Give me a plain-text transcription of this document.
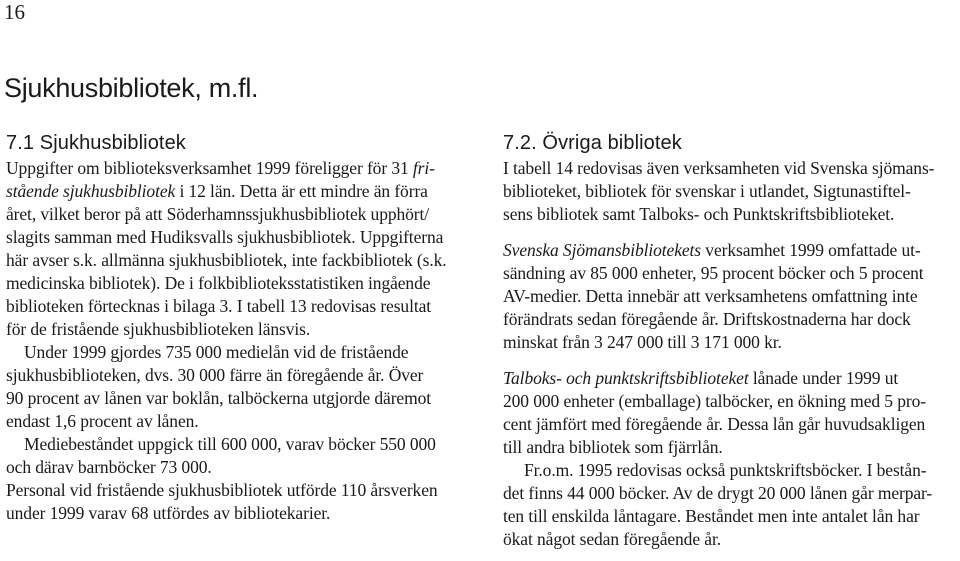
16
Sjukhusbibliotek, m.fl.
7.1 Sjukhusbibliotek
Uppgifter om biblioteksverksamhet 1999 föreligger för 31 fri-
stående sjukhusbibliotek i 12 län. Detta är ett mindre än förra
året, vilket beror på att Söderhamnssjukhusbibliotek upphört/
slagits samman med Hudiksvalls sjukhusbibliotek. Uppgifterna
här avser s.k. allmänna sjukhusbibliotek, inte fackbibliotek (s.k.
medicinska bibliotek). De i folkbiblioteksstatistiken ingående
biblioteken förtecknas i bilaga 3. I tabell 13 redovisas resultat
för de fristående sjukhusbiblioteken länsvis.
Under 1999 gjordes 735 000 medielån vid de fristående
sjukhusbiblioteken, dvs. 30 000 färre än föregående år. Över
90 procent av lånen var boklån, talböckerna utgjorde däremot
endast 1,6 procent av lånen.
Mediebeståndet uppgick till 600 000, varav böcker 550 000
och därav barnböcker 73 000.
Personal vid fristående sjukhusbibliotek utförde 110 årsverken
under 1999 varav 68 utfördes av bibliotekarier.
7.2. Övriga bibliotek
I tabell 14 redovisas även verksamheten vid Svenska sjömans-
biblioteket, bibliotek för svenskar i utlandet, Sigtunastiftel-
sens bibliotek samt Talboks- och Punktskriftsbiblioteket.
Svenska Sjömansbibliotekets verksamhet 1999 omfattade ut-
sändning av 85 000 enheter, 95 procent böcker och 5 procent
AV-medier. Detta innebär att verksamhetens omfattning inte
förändrats sedan föregående år. Driftskostnaderna har dock
minskat från 3 247 000 till 3 171 000 kr.
Talboks- och punktskriftsbiblioteket lånade under 1999 ut
200 000 enheter (emballage) talböcker, en ökning med 5 pro-
cent jämfört med föregående år. Dessa lån går huvudsakligen
till andra bibliotek som fjärrlån.
Fr.o.m. 1995 redovisas också punktskriftsböcker. I bestån-
det finns 44 000 böcker. Av de drygt 20 000 lånen går merpar-
ten till enskilda låntagare. Beståndet men inte antalet lån har
ökat något sedan föregående år.
